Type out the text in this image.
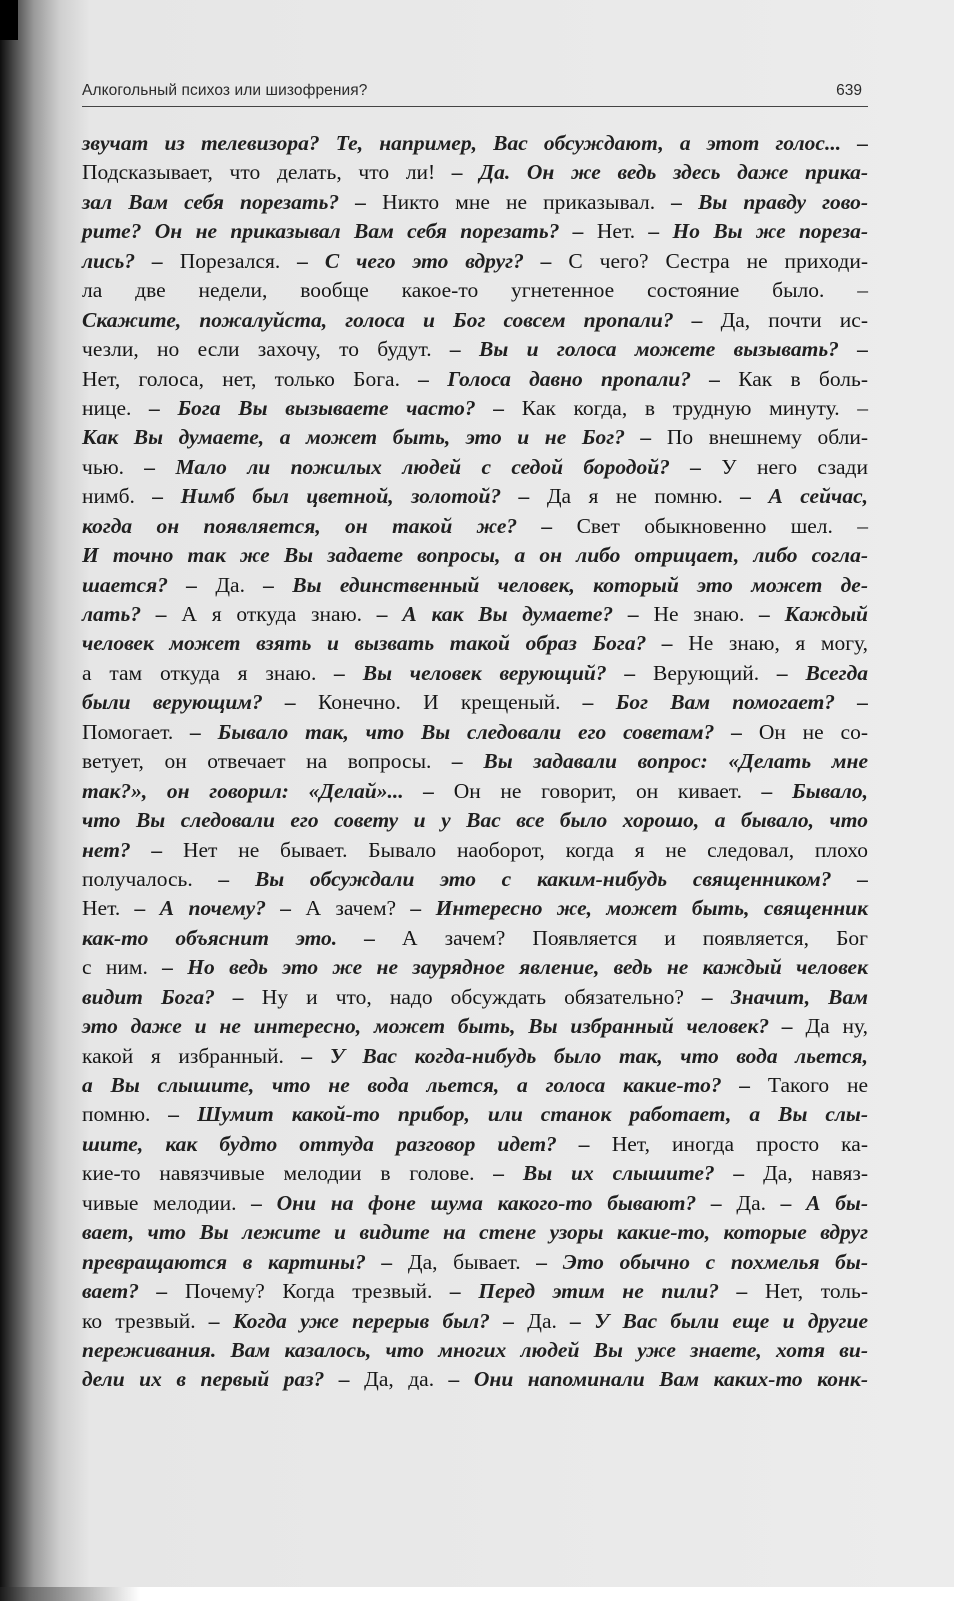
Алкогольный психоз или шизофрения?	639
звучат из телевизора? Те, например, Вас обсуждают, а этот голос... –
Подсказывает, что делать, что ли! – Да. Он же ведь здесь даже прика-
зал Вам себя порезать? – Никто мне не приказывал. – Вы правду гово-
рите? Он не приказывал Вам себя порезать? – Нет. – Но Вы же пореза-
лись? – Порезался. – С чего это вдруг? – С чего? Сестра не приходи-
ла две недели, вообще какое-то угнетенное состояние было. –
Скажите, пожалуйста, голоса и Бог совсем пропали? – Да, почти ис-
чезли, но если захочу, то будут. – Вы и голоса можете вызывать? –
Нет, голоса, нет, только Бога. – Голоса давно пропали? – Как в боль-
нице. – Бога Вы вызываете часто? – Как когда, в трудную минуту. –
Как Вы думаете, а может быть, это и не Бог? – По внешнему обли-
чью. – Мало ли пожилых людей с седой бородой? – У него сзади
нимб. – Нимб был цветной, золотой? – Да я не помню. – А сейчас,
когда он появляется, он такой же? – Свет обыкновенно шел. –
И точно так же Вы задаете вопросы, а он либо отрицает, либо согла-
шается? – Да. – Вы единственный человек, который это может де-
лать? – А я откуда знаю. – А как Вы думаете? – Не знаю. – Каждый
человек может взять и вызвать такой образ Бога? – Не знаю, я могу,
а там откуда я знаю. – Вы человек верующий? – Верующий. – Всегда
были верующим? – Конечно. И крещеный. – Бог Вам помогает? –
Помогает. – Бывало так, что Вы следовали его советам? – Он не со-
ветует, он отвечает на вопросы. – Вы задавали вопрос: «Делать мне
так?», он говорил: «Делай»... – Он не говорит, он кивает. – Бывало,
что Вы следовали его совету и у Вас все было хорошо, а бывало, что
нет? – Нет не бывает. Бывало наоборот, когда я не следовал, плохо
получалось. – Вы обсуждали это с каким-нибудь священником? –
Нет. – А почему? – А зачем? – Интересно же, может быть, священник
как-то объяснит это. – А зачем? Появляется и появляется, Бог
с ним. – Но ведь это же не заурядное явление, ведь не каждый человек
видит Бога? – Ну и что, надо обсуждать обязательно? – Значит, Вам
это даже и не интересно, может быть, Вы избранный человек? – Да ну,
какой я избранный. – У Вас когда-нибудь было так, что вода льется,
а Вы слышите, что не вода льется, а голоса какие-то? – Такого не
помню. – Шумит какой-то прибор, или станок работает, а Вы слы-
шите, как будто оттуда разговор идет? – Нет, иногда просто ка-
кие-то навязчивые мелодии в голове. – Вы их слышите? – Да, навяз-
чивые мелодии. – Они на фоне шума какого-то бывают? – Да. – А бы-
вает, что Вы лежите и видите на стене узоры какие-то, которые вдруг
превращаются в картины? – Да, бывает. – Это обычно с похмелья бы-
вает? – Почему? Когда трезвый. – Перед этим не пили? – Нет, толь-
ко трезвый. – Когда уже перерыв был? – Да. – У Вас были еще и другие
переживания. Вам казалось, что многих людей Вы уже знаете, хотя ви-
дели их в первый раз? – Да, да. – Они напоминали Вам каких-то конк-
